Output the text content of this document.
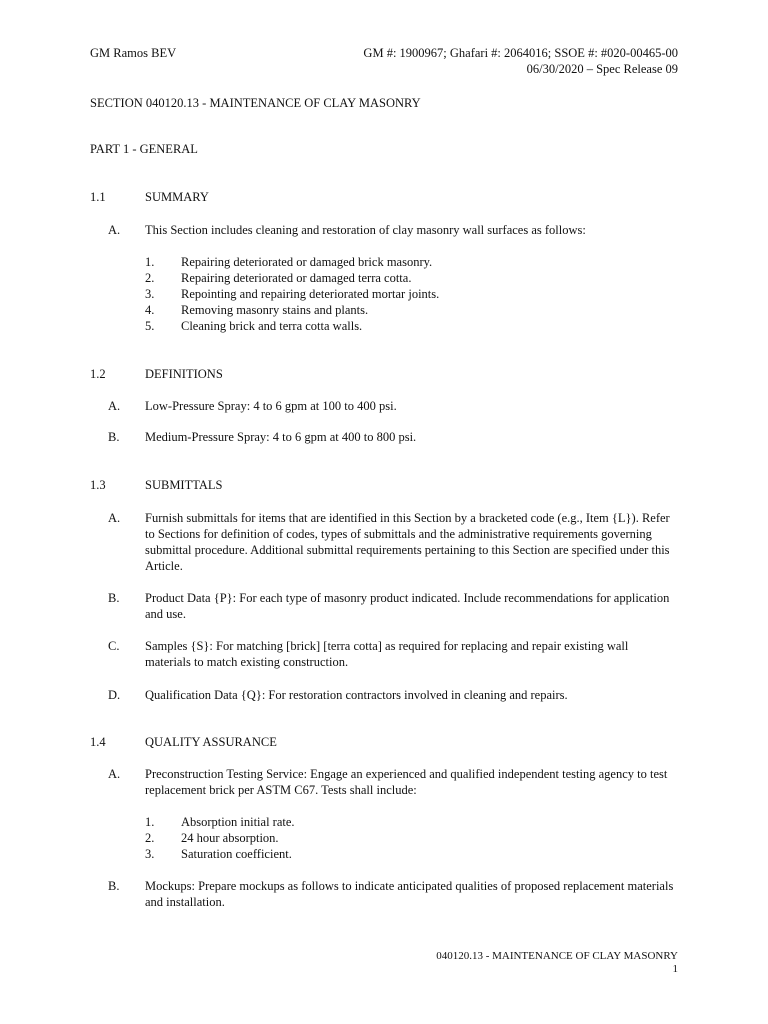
GM Ramos BEV	GM #: 1900967; Ghafari #: 2064016; SSOE #: #020-00465-00
06/30/2020 – Spec Release 09
SECTION 040120.13 - MAINTENANCE OF CLAY MASONRY
PART 1 - GENERAL
1.1	SUMMARY
A. This Section includes cleaning and restoration of clay masonry wall surfaces as follows:
1.	Repairing deteriorated or damaged brick masonry.
2.	Repairing deteriorated or damaged terra cotta.
3.	Repointing and repairing deteriorated mortar joints.
4.	Removing masonry stains and plants.
5.	Cleaning brick and terra cotta walls.
1.2	DEFINITIONS
A. Low-Pressure Spray: 4 to 6 gpm at 100 to 400 psi.
B. Medium-Pressure Spray: 4 to 6 gpm at 400 to 800 psi.
1.3	SUBMITTALS
A. Furnish submittals for items that are identified in this Section by a bracketed code (e.g., Item {L}). Refer to Sections for definition of codes, types of submittals and the administrative requirements governing submittal procedure. Additional submittal requirements pertaining to this Section are specified under this Article.
B. Product Data {P}: For each type of masonry product indicated. Include recommendations for application and use.
C. Samples {S}: For matching [brick] [terra cotta] as required for replacing and repair existing wall materials to match existing construction.
D. Qualification Data {Q}: For restoration contractors involved in cleaning and repairs.
1.4	QUALITY ASSURANCE
A. Preconstruction Testing Service: Engage an experienced and qualified independent testing agency to test replacement brick per ASTM C67. Tests shall include:
1.	Absorption initial rate.
2.	24 hour absorption.
3.	Saturation coefficient.
B. Mockups: Prepare mockups as follows to indicate anticipated qualities of proposed replacement materials and installation.
040120.13 - MAINTENANCE OF CLAY MASONRY
1
